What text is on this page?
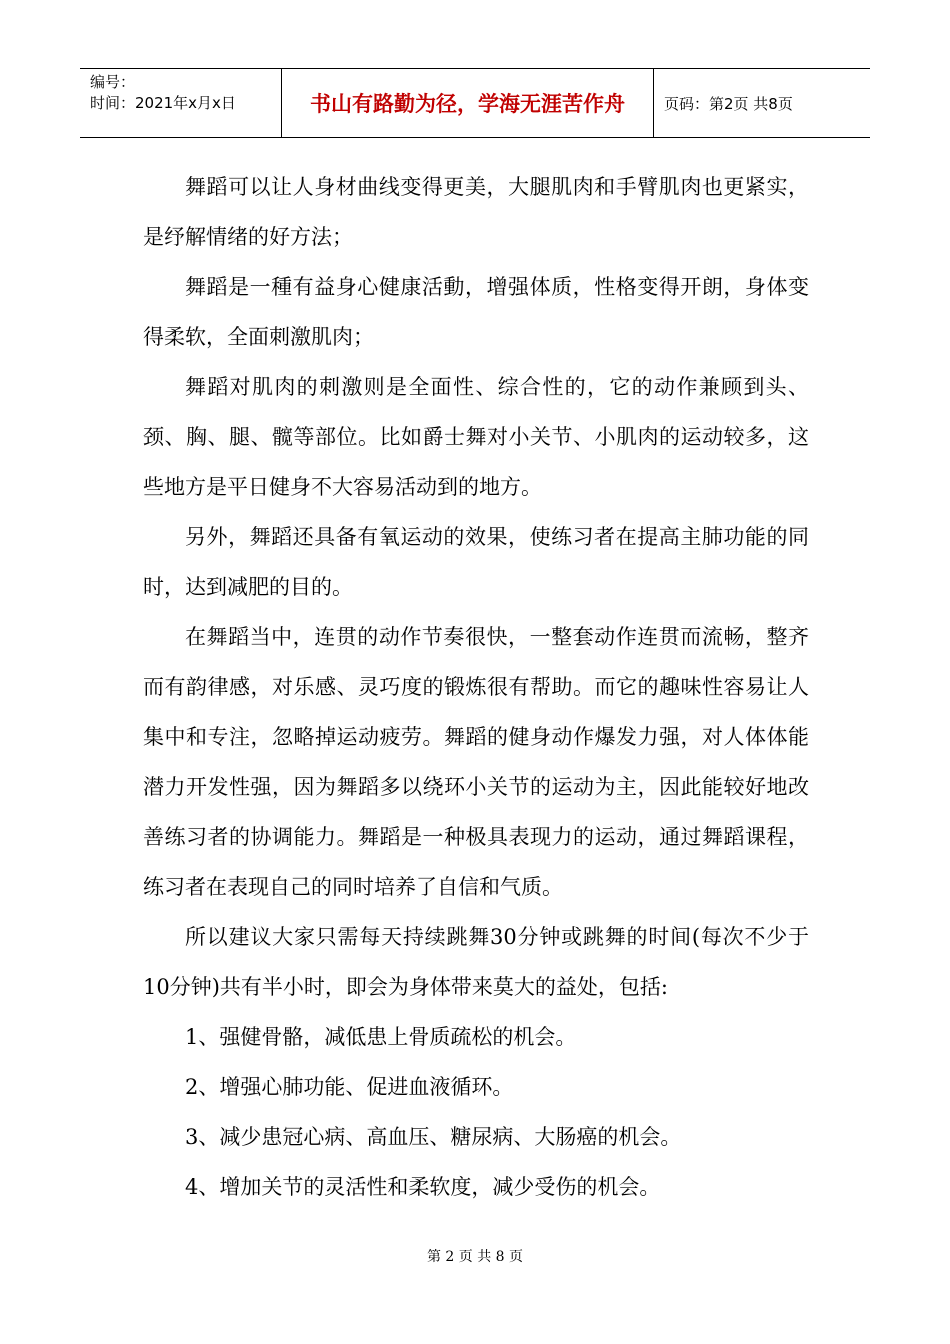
编号：
时间：2021年x月x日	书山有路勤为径，学海无涯苦作舟	页码：第2页 共8页

舞蹈可以让人身材曲线变得更美，大腿肌肉和手臂肌肉也更紧实，是纾解情绪的好方法；

舞蹈是一種有益身心健康活動，增强体质，性格变得开朗，身体变得柔软，全面刺激肌肉；

舞蹈对肌肉的刺激则是全面性、综合性的，它的动作兼顾到头、颈、胸、腿、髋等部位。比如爵士舞对小关节、小肌肉的运动较多，这些地方是平日健身不大容易活动到的地方。

另外，舞蹈还具备有氧运动的效果，使练习者在提高主肺功能的同时，达到减肥的目的。

在舞蹈当中，连贯的动作节奏很快，一整套动作连贯而流畅，整齐而有韵律感，对乐感、灵巧度的锻炼很有帮助。而它的趣味性容易让人集中和专注，忽略掉运动疲劳。舞蹈的健身动作爆发力强，对人体体能潜力开发性强，因为舞蹈多以绕环小关节的运动为主，因此能较好地改善练习者的协调能力。舞蹈是一种极具表现力的运动，通过舞蹈课程，练习者在表现自己的同时培养了自信和气质。

所以建议大家只需每天持续跳舞30分钟或跳舞的时间(每次不少于10分钟)共有半小时，即会为身体带来莫大的益处，包括:

1、强健骨骼，减低患上骨质疏松的机会。

2、增强心肺功能、促进血液循环。

3、减少患冠心病、高血压、糖尿病、大肠癌的机会。

4、增加关节的灵活性和柔软度，减少受伤的机会。

第 2 页 共 8 页
